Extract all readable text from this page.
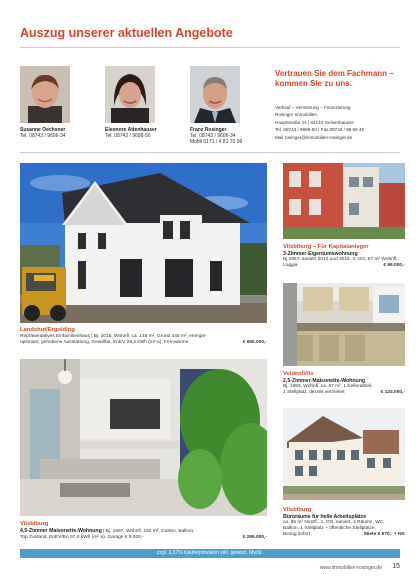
Auszug unserer aktuellen Angebote
Susanne Oechsner
Tel. 08743 / 9606-34
Eleonore Attenhauser
Tel. 08743 / 9698-50
Franz Rosinger
Tel. 08743 / 9606-34
Mobil 0171 / 4 81 70 99
Vertrauen Sie dem Fachmann – kommen Sie zu uns.
Verkauf – Vermietung – Finanzierung
Rosinger Immobilien
Hauptstraße 24 | 84144 Geisenhausen
Tel. 08743 / 9698-50 | Fax 08743 / 96 98 49
Mail rosinger@immobilien-rosinger.de
Vilsbiburg – Für Kapitalanleger
3-Zimmer-Eigentumswohnung
Bj.1957, saniert 2012 und 2015, 3. OG, 67 m² Wohnfl., Loggia	€ 99.000,-
Landshut/Ergolding
Repräsentatives Einfamilienhaus | Bj. 2015, Wohnfl. ca. 148 m², Grund 440 m², energie-optimiert, gehobene Ausstattung, Gewölbe, EnEV 28,2 kWh (m²·a), Fernwärme	€ 650.000,-
Velden/Vils
2,5-Zimmer-Maisonette-Wohnung
Bj. 1993, Wohnfl. ca. 67 m², 1.Kellerabteil,
1 Stellplatz, derzeit vermietet	€ 124.000,-
Vilsbiburg
Büroräume für helle Arbeitsplätze
ca. 95 m² Nutzfl., 1. OG, saniert, 4 Räume, WC,
Balkon, 1 Stellplatz + öffentliche Stellplätze,
Bezug sofort	Miete € 570,- + NK
Vilsbiburg
4,5-Zimmer Maisonette-Wohnung | Bj. 1997, Wohnfl. 154 m², Garten, Balkon,
Top Zustand, EnEV/BA 97,0 kWh (m²·a), Garage € 9.000,-	€ 295.000,-
zzgl. 3,57% Käuferprovision inkl. gesetzl. MwSt.
www.immobilien-rosinger.de 15
